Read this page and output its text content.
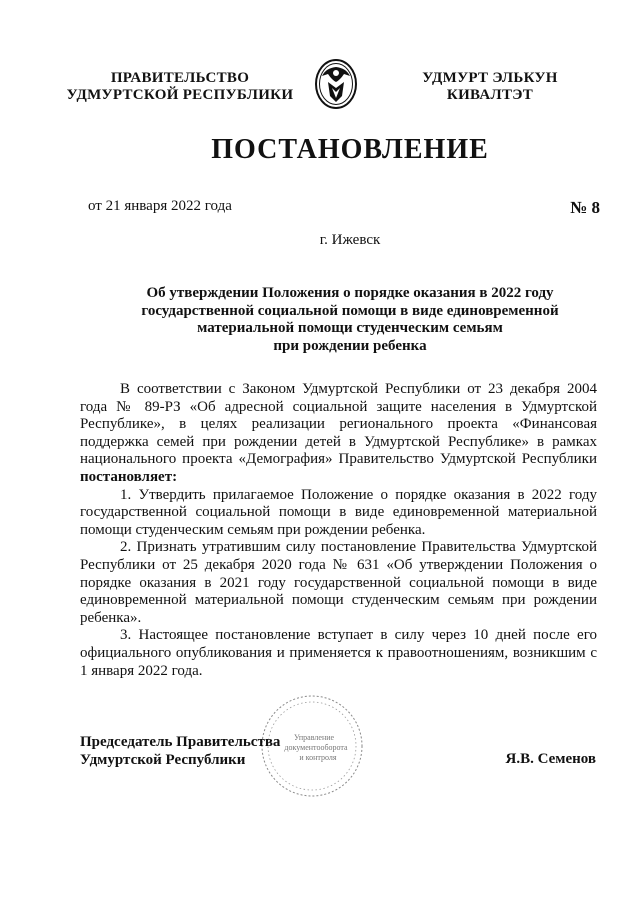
ПРАВИТЕЛЬСТВО
УДМУРТСКОЙ РЕСПУБЛИКИ
УДМУРТ ЭЛЬКУН
КИВАЛТЭТ
ПОСТАНОВЛЕНИЕ
от 21 января 2022 года	№ 8
г. Ижевск
Об утверждении Положения о порядке оказания в 2022 году
государственной социальной помощи в виде единовременной
материальной помощи студенческим семьям
при рождении ребенка

В соответствии с Законом Удмуртской Республики от 23 декабря 2004 года № 89-РЗ «Об адресной социальной защите населения в Удмуртской Республике», в целях реализации регионального проекта «Финансовая поддержка семей при рождении детей в Удмуртской Республике» в рамках национального проекта «Демография» Правительство Удмуртской Республики постановляет:

1. Утвердить прилагаемое Положение о порядке оказания в 2022 году государственной социальной помощи в виде единовременной материальной помощи студенческим семьям при рождении ребенка.

2. Признать утратившим силу постановление Правительства Удмуртской Республики от 25 декабря 2020 года № 631 «Об утверждении Положения о порядке оказания в 2021 году государственной социальной помощи в виде единовременной материальной помощи студенческим семьям при рождении ребенка».

3. Настоящее постановление вступает в силу через 10 дней после его официального опубликования и применяется к правоотношениям, возникшим с 1 января 2022 года.

Управление
документооборота
и контроля
Председатель Правительства
Удмуртской Республики	Я.В. Семенов
